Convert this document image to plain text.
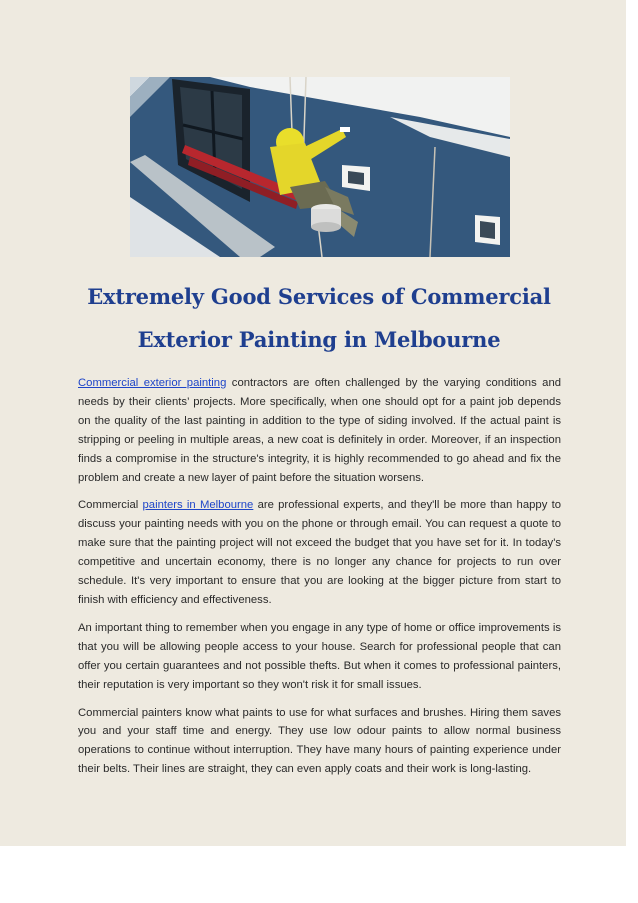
Extremely Good Services of Commercial
Exterior Painting in Melbourne

Commercial exterior painting contractors are often challenged by the varying conditions and needs by their clients’ projects. More specifically, when one should opt for a paint job depends on the quality of the last painting in addition to the type of siding involved. If the actual paint is stripping or peeling in multiple areas, a new coat is definitely in order. Moreover, if an inspection finds a compromise in the structure's integrity, it is highly recommended to go ahead and fix the problem and create a new layer of paint before the situation worsens.

Commercial painters in Melbourne are professional experts, and they'll be more than happy to discuss your painting needs with you on the phone or through email. You can request a quote to make sure that the painting project will not exceed the budget that you have set for it. In today's competitive and uncertain economy, there is no longer any chance for projects to run over schedule. It's very important to ensure that you are looking at the bigger picture from start to finish with efficiency and effectiveness.

An important thing to remember when you engage in any type of home or office improvements is that you will be allowing people access to your house. Search for professional people that can offer you certain guarantees and not possible thefts. But when it comes to professional painters, their reputation is very important so they won't risk it for small issues.

Commercial painters know what paints to use for what surfaces and brushes. Hiring them saves you and your staff time and energy. They use low odour paints to allow normal business operations to continue without interruption. They have many hours of painting experience under their belts. Their lines are straight, they can even apply coats and their work is long-lasting.
